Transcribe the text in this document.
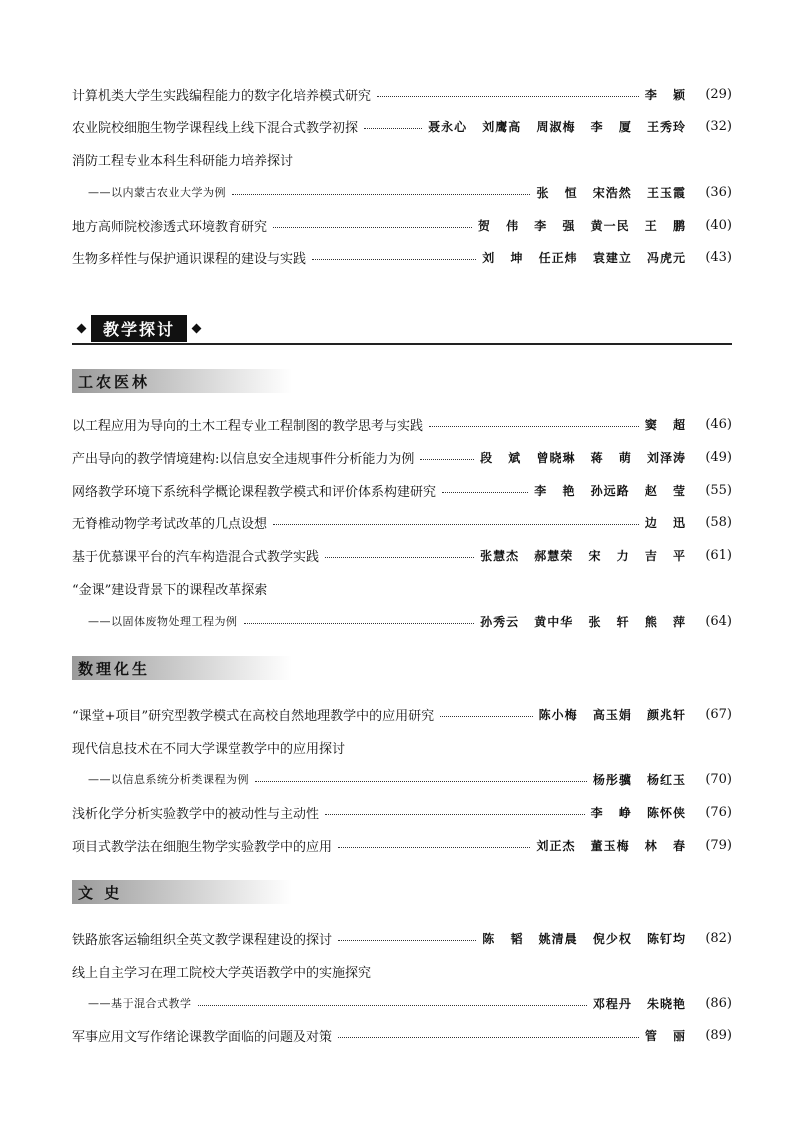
计算机类大学生实践编程能力的数字化培养模式研究	李 颖	(29)
农业院校细胞生物学课程线上线下混合式教学初探	聂永心 刘鹰高 周淑梅 李 厦 王秀玲	(32)
消防工程专业本科生科研能力培养探讨
——以内蒙古农业大学为例	张 恒 宋浩然 王玉霞	(36)
地方高师院校渗透式环境教育研究	贺 伟 李 强 黄一民 王 鹏	(40)
生物多样性与保护通识课程的建设与实践	刘 坤 任正炜 袁建立 冯虎元	(43)
教学探讨
工农医林
以工程应用为导向的土木工程专业工程制图的教学思考与实践	窦 超	(46)
产出导向的教学情境建构:以信息安全违规事件分析能力为例	段 斌 曾晓琳 蒋 萌 刘泽涛	(49)
网络教学环境下系统科学概论课程教学模式和评价体系构建研究	李 艳 孙远路 赵 莹	(55)
无脊椎动物学考试改革的几点设想	边 迅	(58)
基于优慕课平台的汽车构造混合式教学实践	张慧杰 郝慧荣 宋 力 吉 平	(61)
“金课”建设背景下的课程改革探索
——以固体废物处理工程为例	孙秀云 黄中华 张 轩 熊 萍	(64)
数理化生
“课堂+项目”研究型教学模式在高校自然地理教学中的应用研究	陈小梅 高玉娟 颜兆轩	(67)
现代信息技术在不同大学课堂教学中的应用探讨
——以信息系统分析类课程为例	杨彤骥 杨红玉	(70)
浅析化学分析实验教学中的被动性与主动性	李 峥 陈怀侠	(76)
项目式教学法在细胞生物学实验教学中的应用	刘正杰 董玉梅 林 春	(79)
文 史
铁路旅客运输组织全英文教学课程建设的探讨	陈 韬 姚清晨 倪少权 陈钉均	(82)
线上自主学习在理工院校大学英语教学中的实施探究
——基于混合式教学	邓程丹 朱晓艳	(86)
军事应用文写作绪论课教学面临的问题及对策	管 丽	(89)
